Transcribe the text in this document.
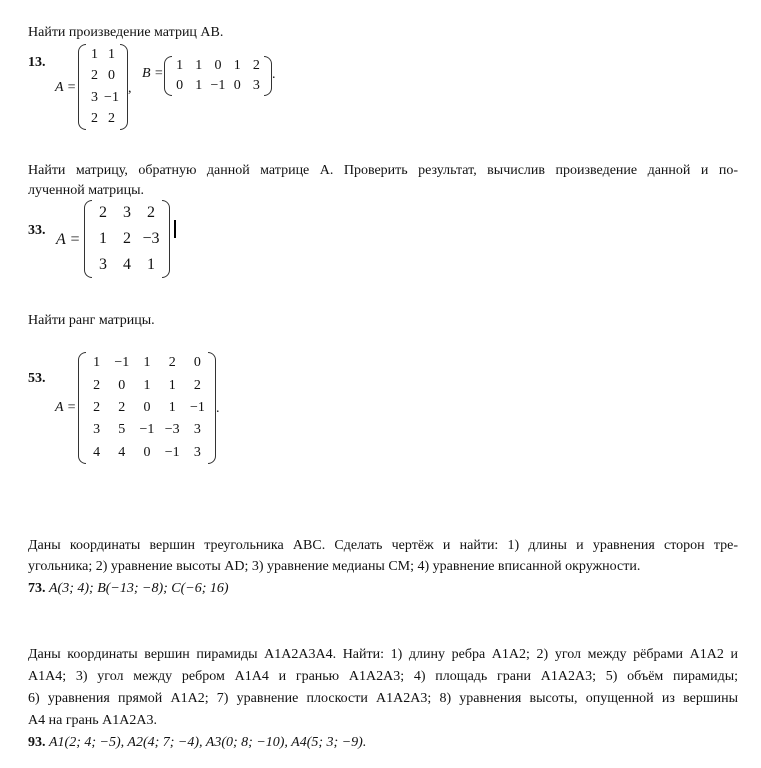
Найти произведение матриц AB.
13.
A =
1 1
2 0
3 −1
2 2
,
B =
1 1 0 1 2
0 1 −1 0 3
.
Найти матрицу, обратную данной матрице A. Проверить результат, вычислив произведение данной и по-
лученной матрицы.
33.
A =
2 3 2
1 2 −3
3 4 1
Найти ранг матрицы.
53.
A =
1 −1 1 2 0
2 0 1 1 2
2 2 0 1 −1
3 5 −1 −3 3
4 4 0 −1 3
.
Даны координаты вершин треугольника ABC. Сделать чертёж и найти: 1) длины и уравнения сторон тре-
угольника; 2) уравнение высоты AD; 3) уравнение медианы CM; 4) уравнение вписанной окружности.
73. A(3; 4); B(−13; −8); C(−6; 16)
Даны координаты вершин пирамиды A1A2A3A4. Найти: 1) длину ребра A1A2; 2) угол между рёбрами A1A2 и
A1A4; 3) угол между ребром A1A4 и гранью A1A2A3; 4) площадь грани A1A2A3; 5) объём пирамиды;
6) уравнения прямой A1A2; 7) уравнение плоскости A1A2A3; 8) уравнения высоты, опущенной из вершины
A4 на грань A1A2A3.
93. A1(2; 4; −5), A2(4; 7; −4), A3(0; 8; −10), A4(5; 3; −9).
